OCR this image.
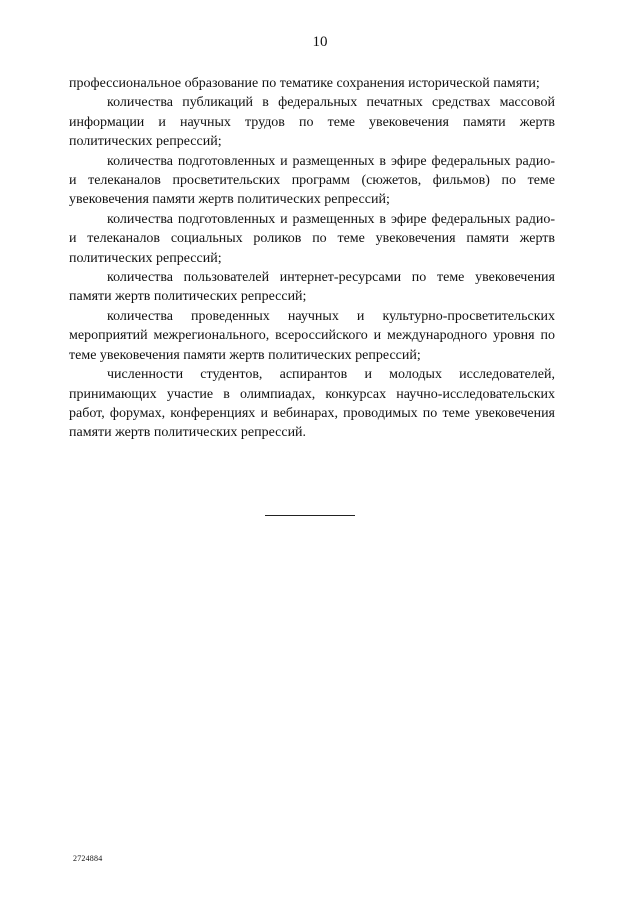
10

профессиональное образование по тематике сохранения исторической памяти;

количества публикаций в федеральных печатных средствах массовой информации и научных трудов по теме увековечения памяти жертв политических репрессий;

количества подготовленных и размещенных в эфире федеральных радио- и телеканалов просветительских программ (сюжетов, фильмов) по теме увековечения памяти жертв политических репрессий;

количества подготовленных и размещенных в эфире федеральных радио- и телеканалов социальных роликов по теме увековечения памяти жертв политических репрессий;

количества пользователей интернет-ресурсами по теме увековечения памяти жертв политических репрессий;

количества проведенных научных и культурно-просветительских мероприятий межрегионального, всероссийского и международного уровня по теме увековечения памяти жертв политических репрессий;

численности студентов, аспирантов и молодых исследователей, принимающих участие в олимпиадах, конкурсах научно-исследовательских работ, форумах, конференциях и вебинарах, проводимых по теме увековечения памяти жертв политических репрессий.

2724884
